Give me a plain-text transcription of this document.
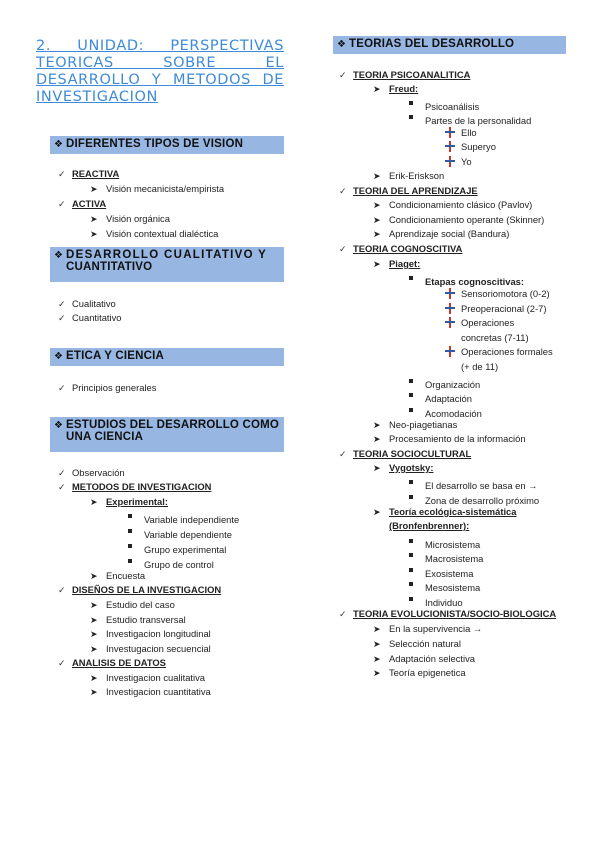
2. UNIDAD: PERSPECTIVAS
TEORICAS SOBRE EL
DESARROLLO Y METODOS DE
INVESTIGACION
❖ DIFERENTES TIPOS DE VISION
✓ REACTIVA
➤ Visión mecanicista/empirista
✓ ACTIVA
➤ Visión orgánica
➤ Visión contextual dialéctica
❖ DESARROLLO CUALITATIVO Y
CUANTITATIVO
✓ Cualitativo
✓ Cuantitativo
❖ ETICA Y CIENCIA
✓ Principios generales
❖ ESTUDIOS DEL DESARROLLO COMO
UNA CIENCIA
✓ Observación
✓ METODOS DE INVESTIGACION
➤ Experimental:
Variable independiente
Variable dependiente
Grupo experimental
Grupo de control
➤ Encuesta
✓ DISEÑOS DE LA INVESTIGACION
➤ Estudio del caso
➤ Estudio transversal
➤ Investigacion longitudinal
➤ Investugacion secuencial
✓ ANALISIS DE DATOS
➤ Investigacion cualitativa
➤ Investigacion cuantitativa
❖ TEORIAS DEL DESARROLLO
✓ TEORIA PSICOANALITICA
➤ Freud:
Psicoanálisis
Partes de la personalidad
Ello
Superyo
Yo
➤ Erik-Eriskson
✓ TEORIA DEL APRENDIZAJE
➤ Condicionamiento clásico (Pavlov)
➤ Condicionamiento operante (Skinner)
➤ Aprendizaje social (Bandura)
✓ TEORIA COGNOSCITIVA
➤ Piaget:
Etapas cognoscitivas:
Sensoriomotora (0-2)
Preoperacional (2-7)
Operaciones
concretas (7-11)
Operaciones formales
(+ de 11)
Organización
Adaptación
Acomodación
➤ Neo-piagetianas
➤ Procesamiento de la información
✓ TEORIA SOCIOCULTURAL
➤ Vygotsky:
El desarrollo se basa en →
Zona de desarrollo próximo
➤ Teoría ecológica-sistemática
(Bronfenbrenner):
Microsistema
Macrosistema
Exosistema
Mesosistema
Individuo
✓ TEORIA EVOLUCIONISTA/SOCIO-BIOLOGICA
➤ En la supervivencia →
➤ Selección natural
➤ Adaptación selectiva
➤ Teoría epigenetica
